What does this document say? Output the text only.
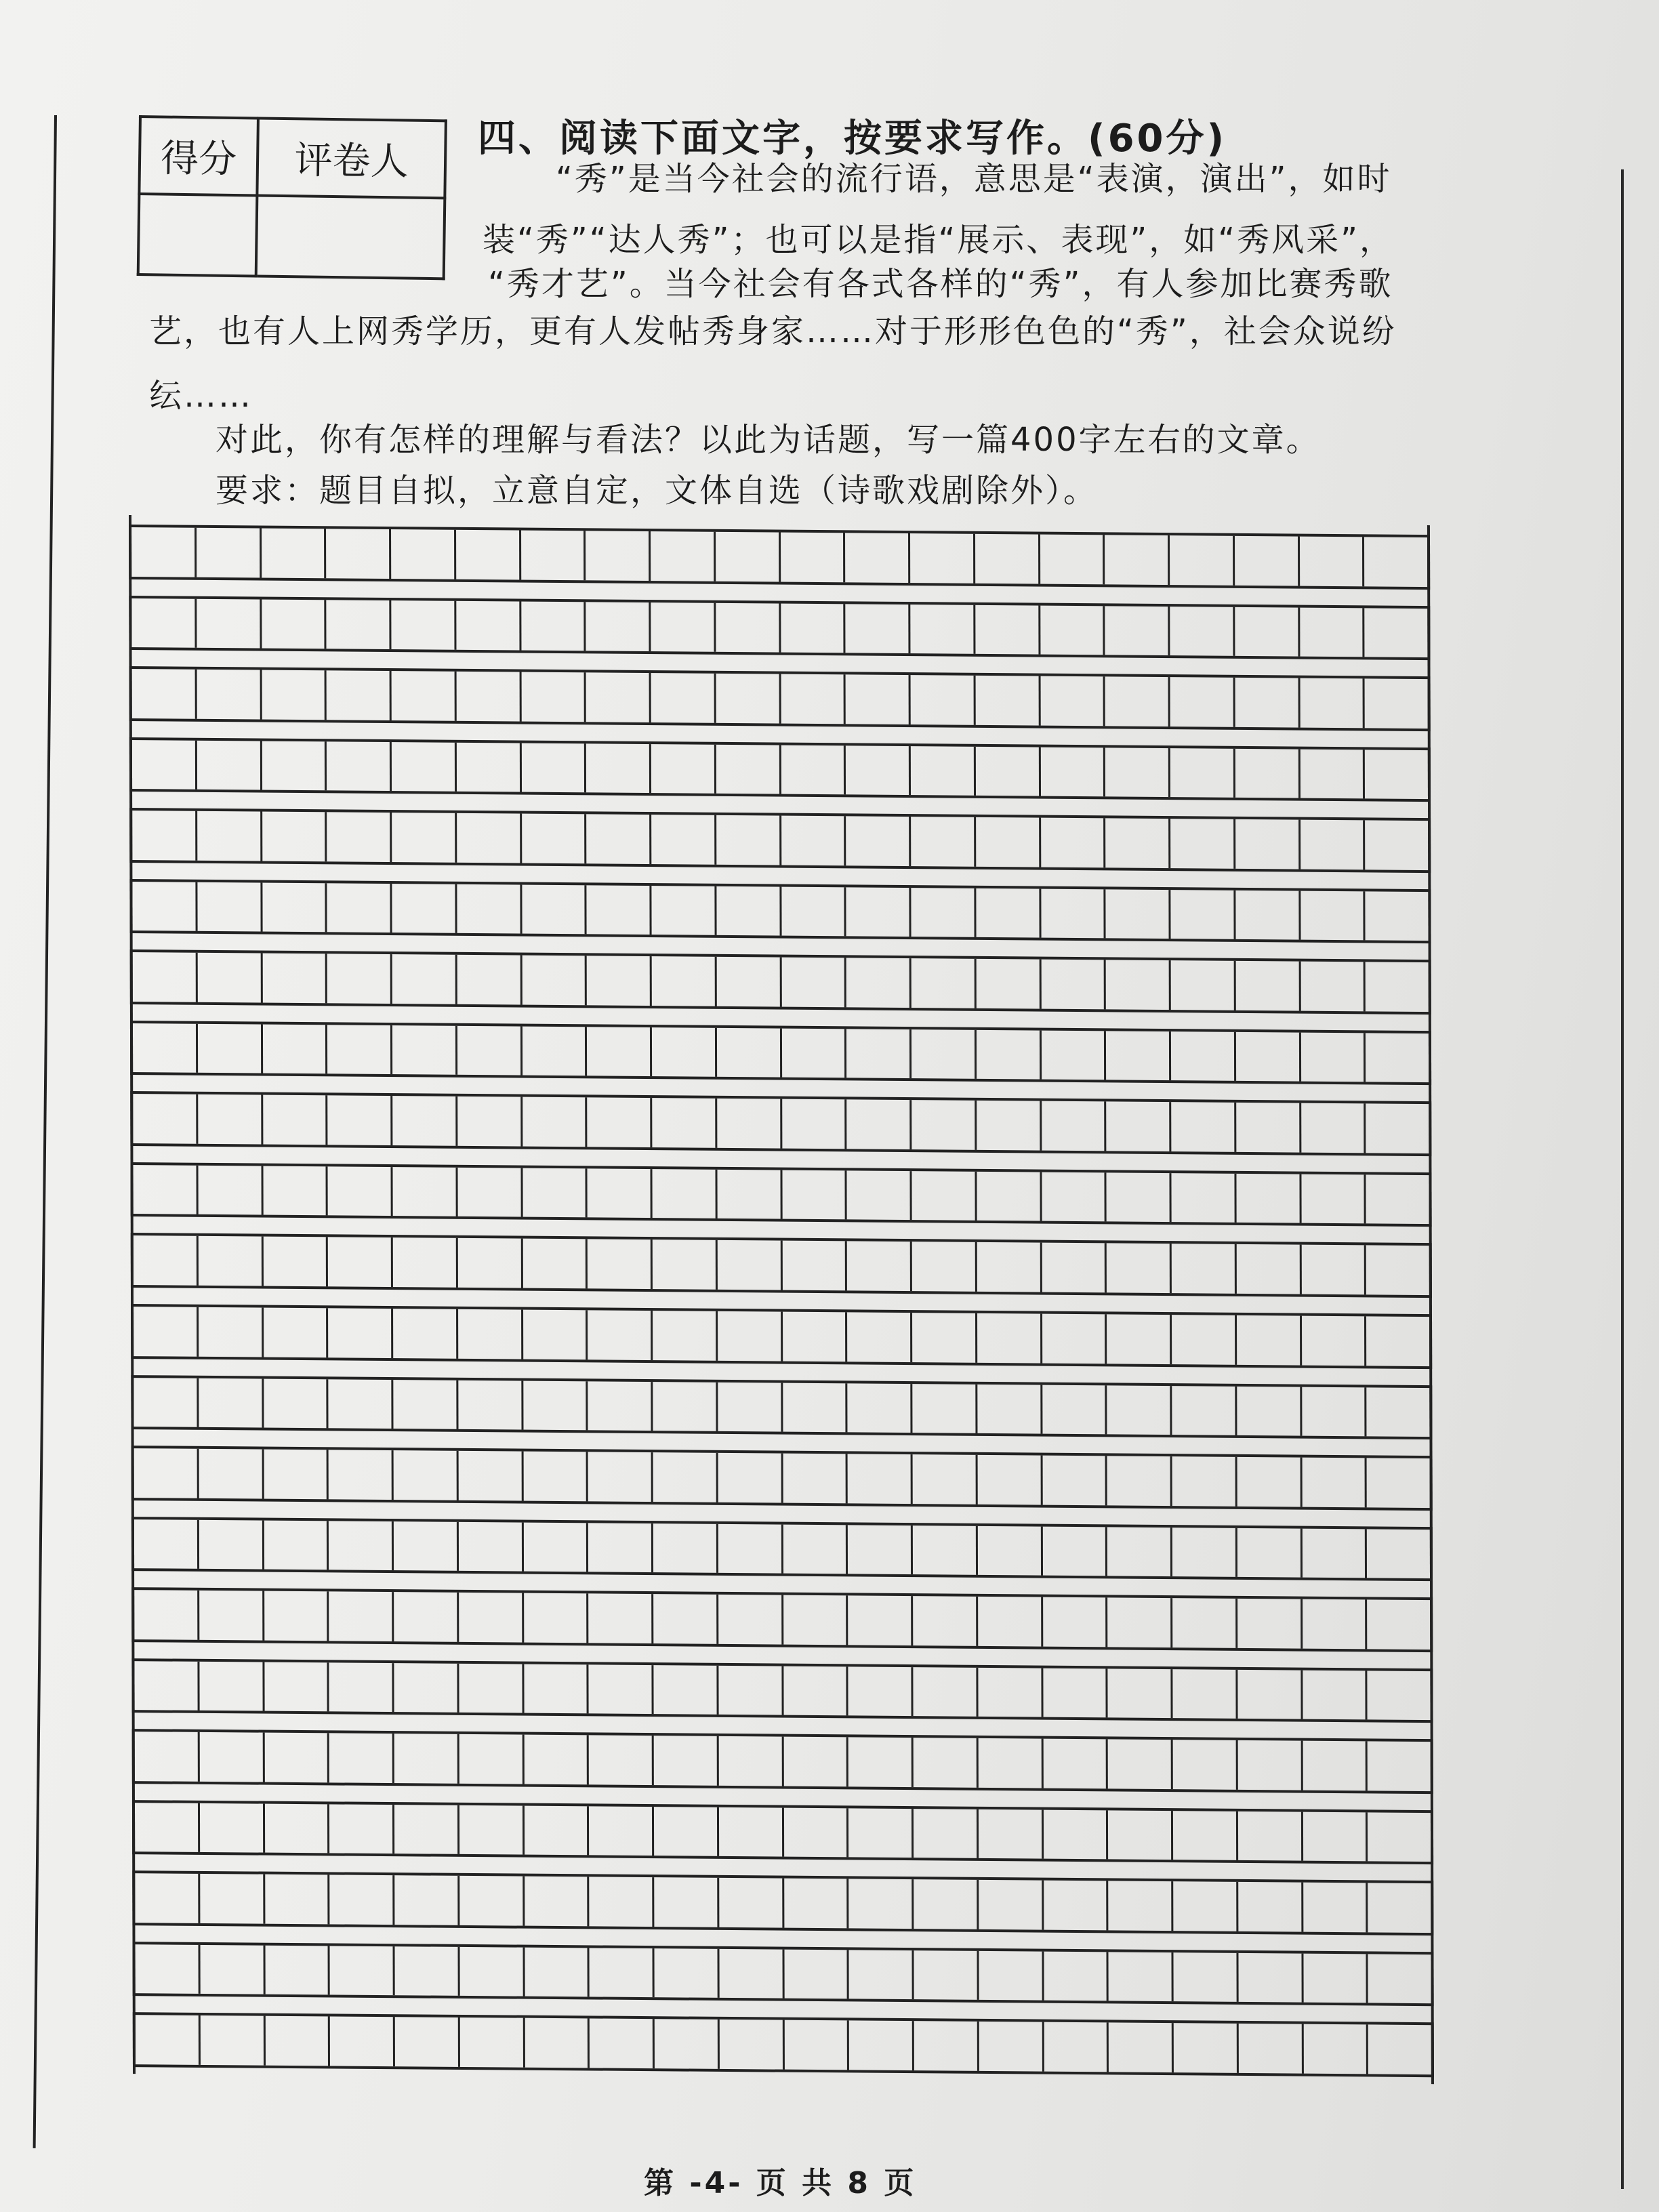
得分	评卷人
	四、阅读下面文字，按要求写作。(60分)
“秀”是当今社会的流行语，意思是“表演，演出”，如时
装“秀”“达人秀”；也可以是指“展示、表现”，如“秀风采”，
“秀才艺”。当今社会有各式各样的“秀”，有人参加比赛秀歌
艺，也有人上网秀学历，更有人发帖秀身家……对于形形色色的“秀”，社会众说纷
纭……
对此，你有怎样的理解与看法？以此为话题，写一篇400字左右的文章。
要求：题目自拟，立意自定，文体自选（诗歌戏剧除外）。
第 -4- 页 共 8 页
